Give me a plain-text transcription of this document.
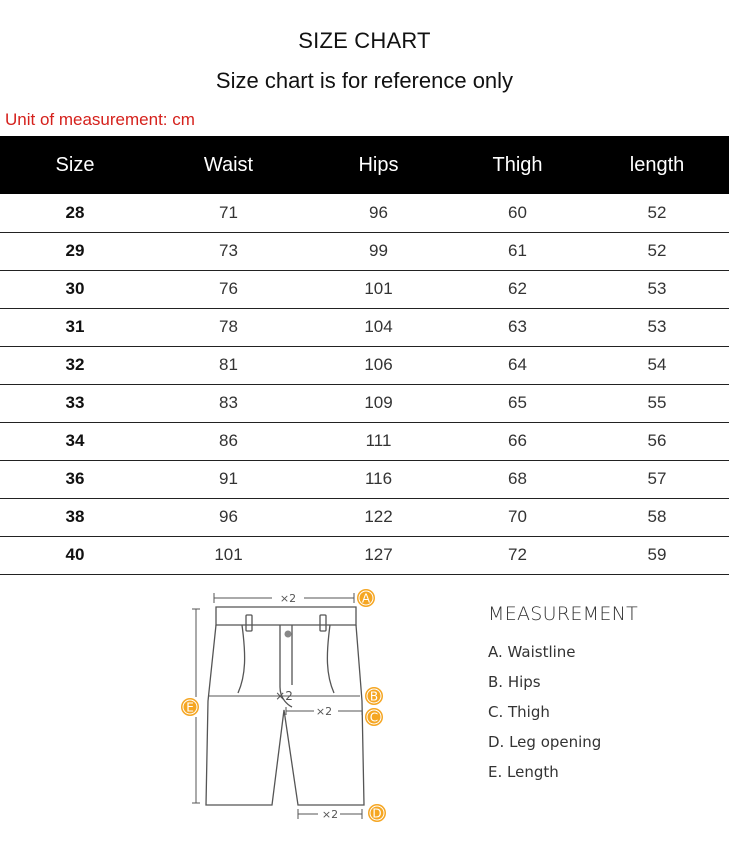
SIZE CHART
Size chart is for reference only
Unit of measurement: cm
Size	Waist	Hips	Thigh	length
28	71	96	60	52
29	73	99	61	52
30	76	101	62	53
31	78	104	63	53
32	81	106	64	54
33	83	109	65	55
34	86	111	66	56
36	91	116	68	57
38	96	122	70	58
40	101	127	72	59
×2
×2
×2
×2
A
B
C
E
D
MEASUREMENT
A. Waistline
B. Hips
C. Thigh
D. Leg opening
E. Length
